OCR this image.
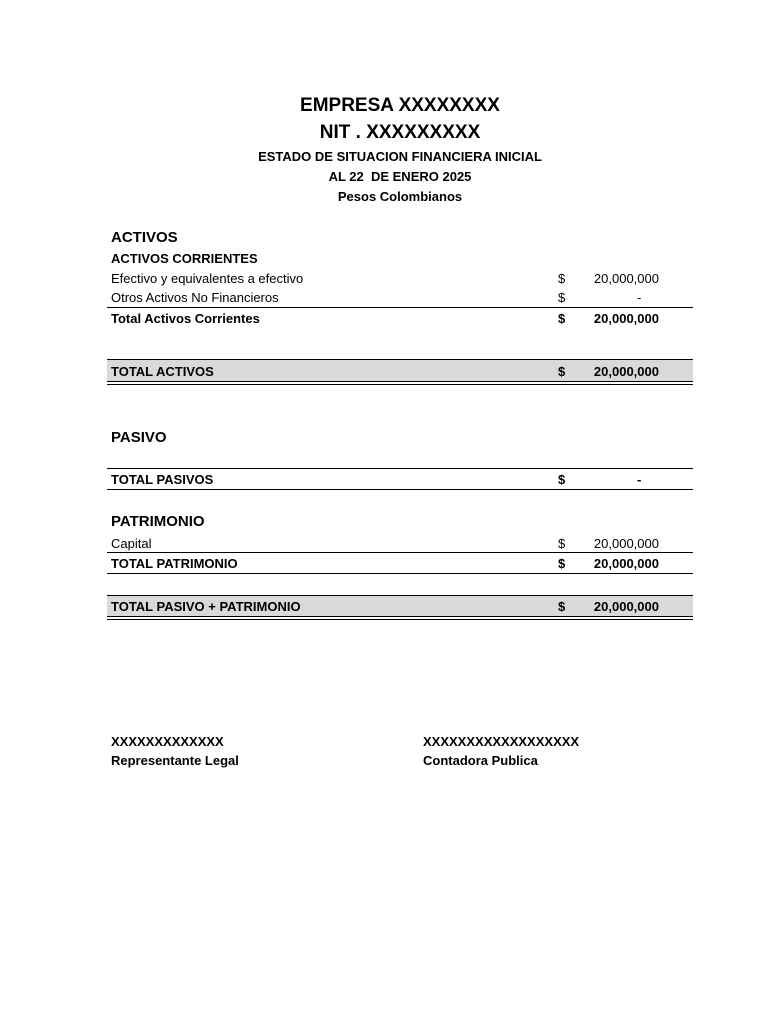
EMPRESA XXXXXXXX
NIT . XXXXXXXXX
ESTADO DE SITUACION FINANCIERA INICIAL
AL 22  DE ENERO 2025
Pesos Colombianos
ACTIVOS
ACTIVOS CORRIENTES
Efectivo y equivalentes a efectivo	$ 20,000,000
Otros Activos No Financieros	$	-
Total Activos Corrientes	$ 20,000,000
TOTAL ACTIVOS	$ 20,000,000
PASIVO
TOTAL PASIVOS	$	-
PATRIMONIO
Capital	$ 20,000,000
TOTAL PATRIMONIO	$ 20,000,000
TOTAL PASIVO + PATRIMONIO	$ 20,000,000
XXXXXXXXXXXXX
Representante Legal
XXXXXXXXXXXXXXXXXX
Contadora Publica
